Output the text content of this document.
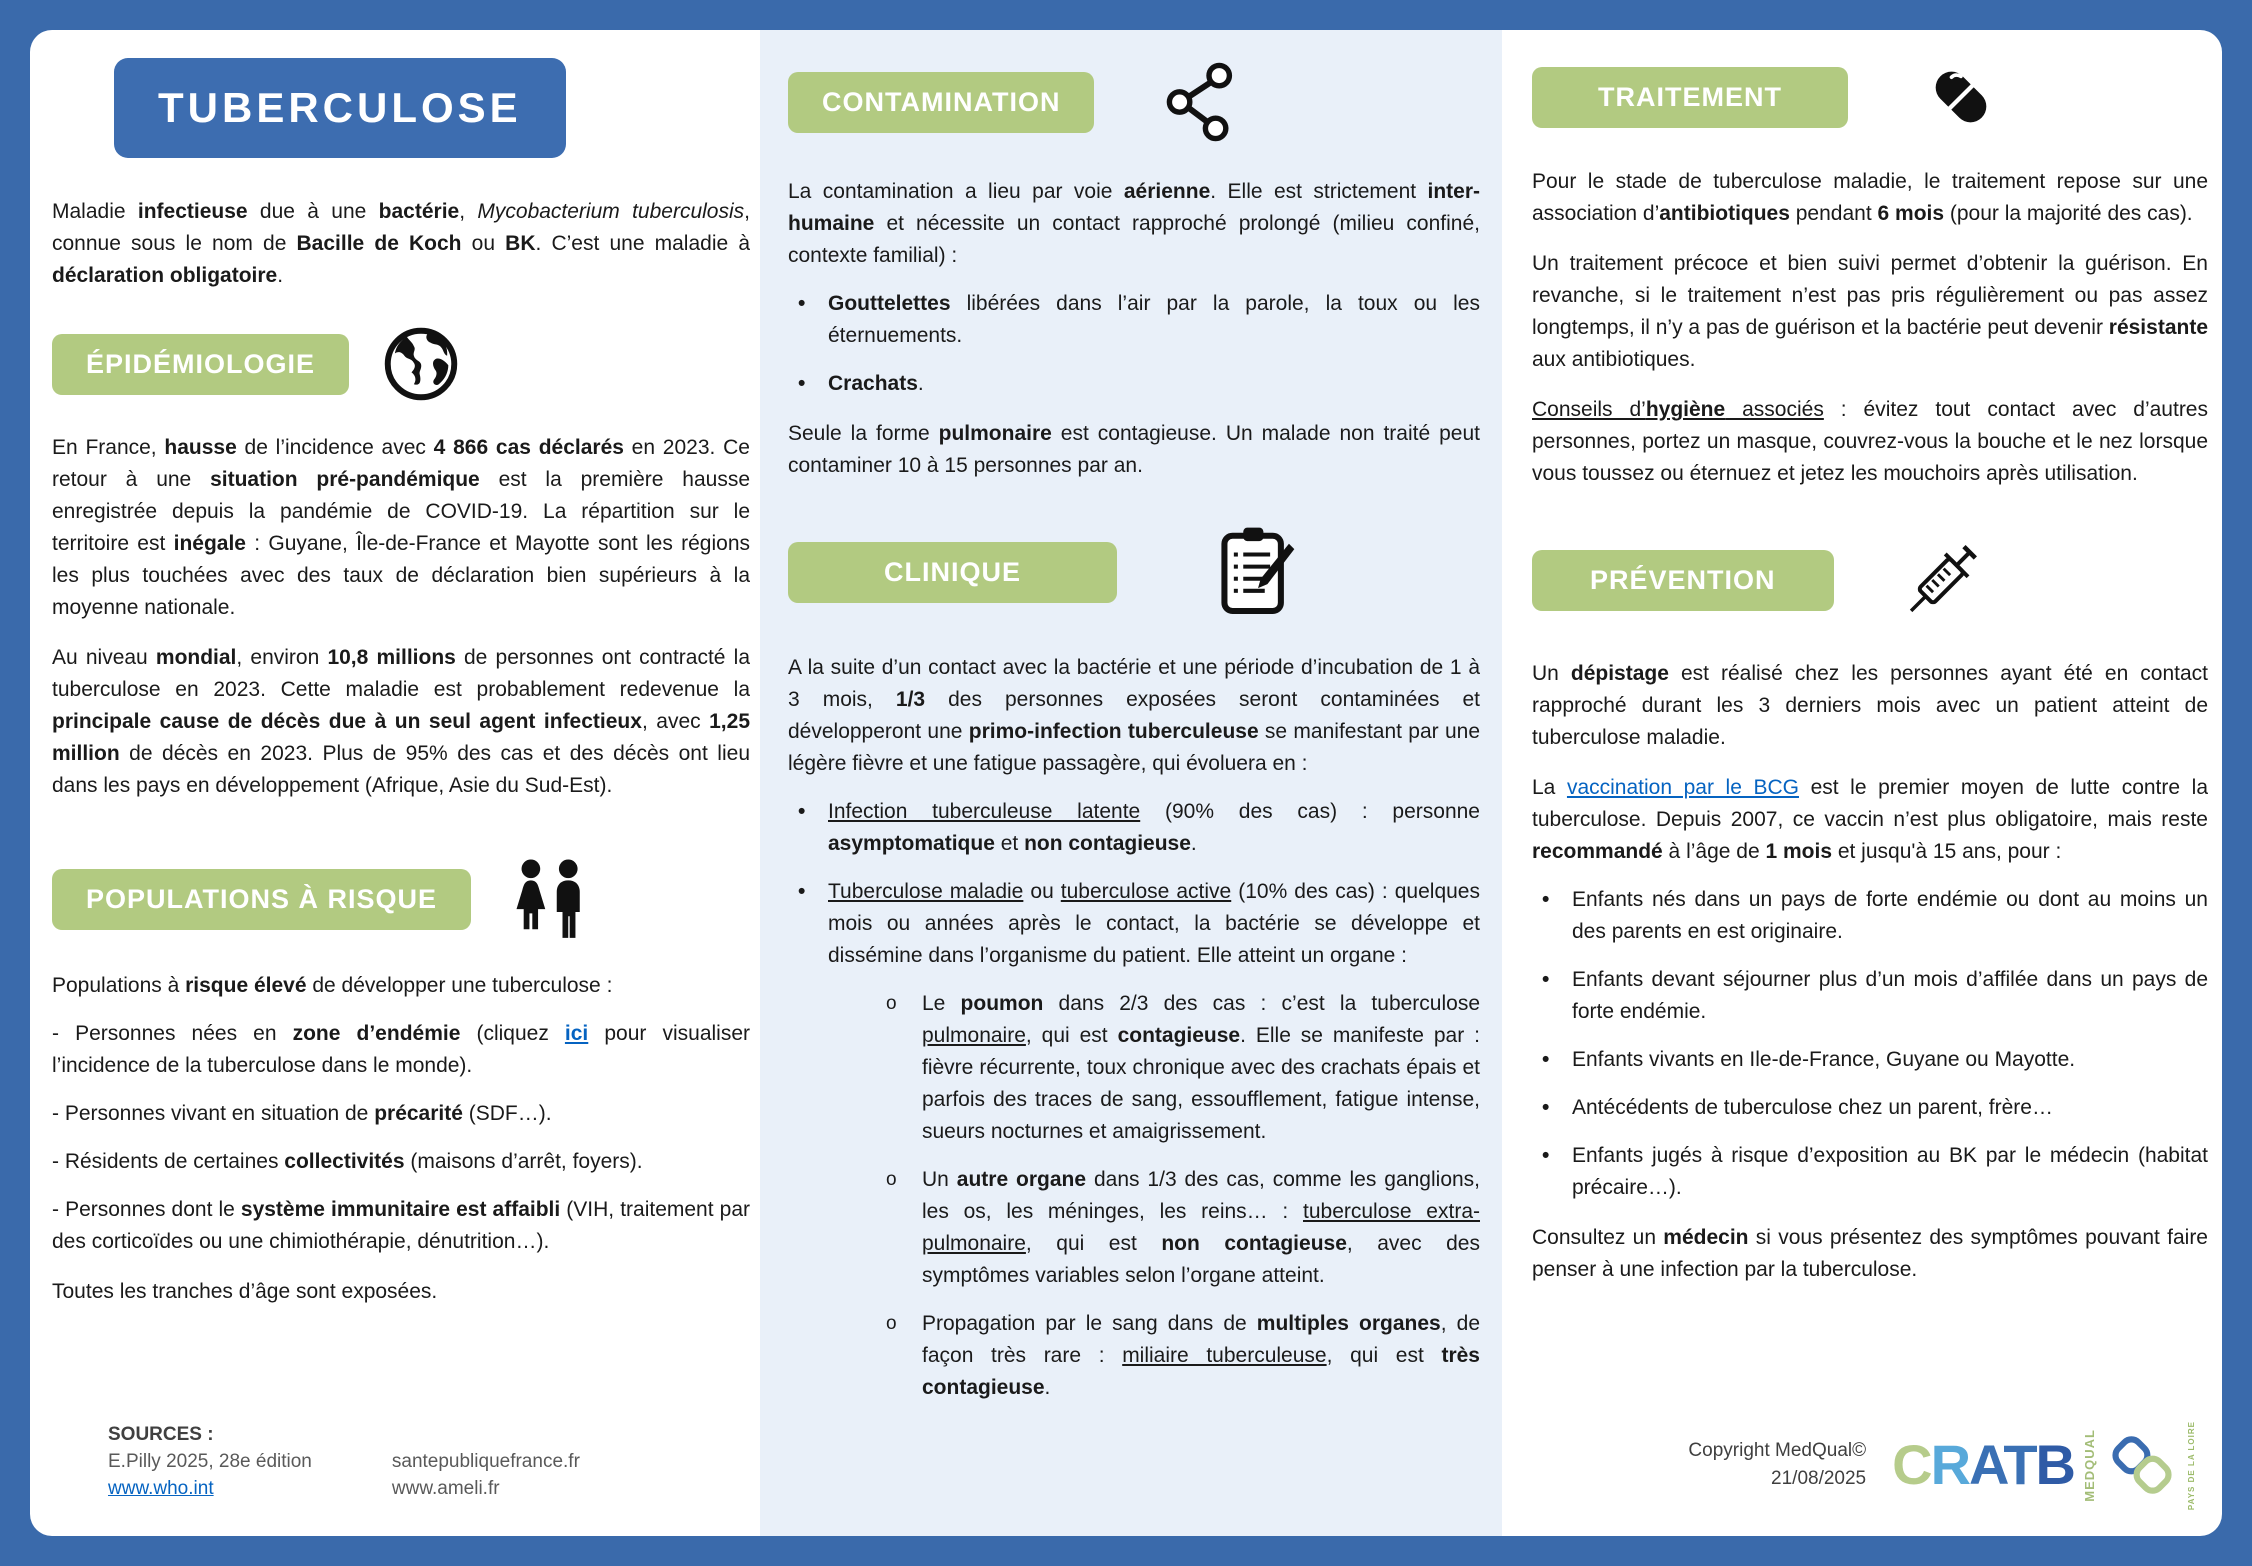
TUBERCULOSE

Maladie infectieuse due à une bactérie, Mycobacterium tuberculosis, connue sous le nom de Bacille de Koch ou BK. C’est une maladie à déclaration obligatoire.

ÉPIDÉMIOLOGIE

En France, hausse de l’incidence avec 4 866 cas déclarés en 2023. Ce retour à une situation pré-pandémique est la première hausse enregistrée depuis la pandémie de COVID-19. La répartition sur le territoire est inégale : Guyane, Île-de-France et Mayotte sont les régions les plus touchées avec des taux de déclaration bien supérieurs à la moyenne nationale.

Au niveau mondial, environ 10,8 millions de personnes ont contracté la tuberculose en 2023. Cette maladie est probablement redevenue la principale cause de décès due à un seul agent infectieux, avec 1,25 million de décès en 2023. Plus de 95% des cas et des décès ont lieu dans les pays en développement (Afrique, Asie du Sud-Est).

POPULATIONS À RISQUE

Populations à risque élevé de développer une tuberculose :

- Personnes nées en zone d’endémie (cliquez ici pour visualiser l’incidence de la tuberculose dans le monde).
- Personnes vivant en situation de précarité (SDF…).
- Résidents de certaines collectivités (maisons d’arrêt, foyers).
- Personnes dont le système immunitaire est affaibli (VIH, traitement par des corticoïdes ou une chimiothérapie, dénutrition…).

Toutes les tranches d’âge sont exposées.

SOURCES :
E.Pilly 2025, 28e édition
www.who.int
santepubliquefrance.fr
www.ameli.fr
CONTAMINATION

La contamination a lieu par voie aérienne. Elle est strictement inter-humaine et nécessite un contact rapproché prolongé (milieu confiné, contexte familial) :

• Gouttelettes libérées dans l’air par la parole, la toux ou les éternuements.
• Crachats.

Seule la forme pulmonaire est contagieuse. Un malade non traité peut contaminer 10 à 15 personnes par an.

CLINIQUE

A la suite d’un contact avec la bactérie et une période d’incubation de 1 à 3 mois, 1/3 des personnes exposées seront contaminées et développeront une primo-infection tuberculeuse se manifestant par une légère fièvre et une fatigue passagère, qui évoluera en :

• Infection tuberculeuse latente (90% des cas) : personne asymptomatique et non contagieuse.
• Tuberculose maladie ou tuberculose active (10% des cas) : quelques mois ou années après le contact, la bactérie se développe et dissémine dans l’organisme du patient. Elle atteint un organe :
o Le poumon dans 2/3 des cas : c’est la tuberculose pulmonaire, qui est contagieuse. Elle se manifeste par : fièvre récurrente, toux chronique avec des crachats épais et parfois des traces de sang, essoufflement, fatigue intense, sueurs nocturnes et amaigrissement.
o Un autre organe dans 1/3 des cas, comme les ganglions, les os, les méninges, les reins… : tuberculose extra-pulmonaire, qui est non contagieuse, avec des symptômes variables selon l’organe atteint.
o Propagation par le sang dans de multiples organes, de façon très rare : miliaire tuberculeuse, qui est très contagieuse.
TRAITEMENT

Pour le stade de tuberculose maladie, le traitement repose sur une association d’antibiotiques pendant 6 mois (pour la majorité des cas).

Un traitement précoce et bien suivi permet d’obtenir la guérison. En revanche, si le traitement n’est pas pris régulièrement ou pas assez longtemps, il n’y a pas de guérison et la bactérie peut devenir résistante aux antibiotiques.

Conseils d’hygiène associés : évitez tout contact avec d’autres personnes, portez un masque, couvrez-vous la bouche et le nez lorsque vous toussez ou éternuez et jetez les mouchoirs après utilisation.

PRÉVENTION

Un dépistage est réalisé chez les personnes ayant été en contact rapproché durant les 3 derniers mois avec un patient atteint de tuberculose maladie.

La vaccination par le BCG est le premier moyen de lutte contre la tuberculose. Depuis 2007, ce vaccin n’est plus obligatoire, mais reste recommandé à l’âge de 1 mois et jusqu'à 15 ans, pour :

• Enfants nés dans un pays de forte endémie ou dont au moins un des parents en est originaire.
• Enfants devant séjourner plus d’un mois d’affilée dans un pays de forte endémie.
• Enfants vivants en Ile-de-France, Guyane ou Mayotte.
• Antécédents de tuberculose chez un parent, frère…
• Enfants jugés à risque d’exposition au BK par le médecin (habitat précaire…).

Consultez un médecin si vous présentez des symptômes pouvant faire penser à une infection par la tuberculose.

Copyright MedQual©
21/08/2025 CRATB MEDQUAL	PAYS DE LA LOIRE
